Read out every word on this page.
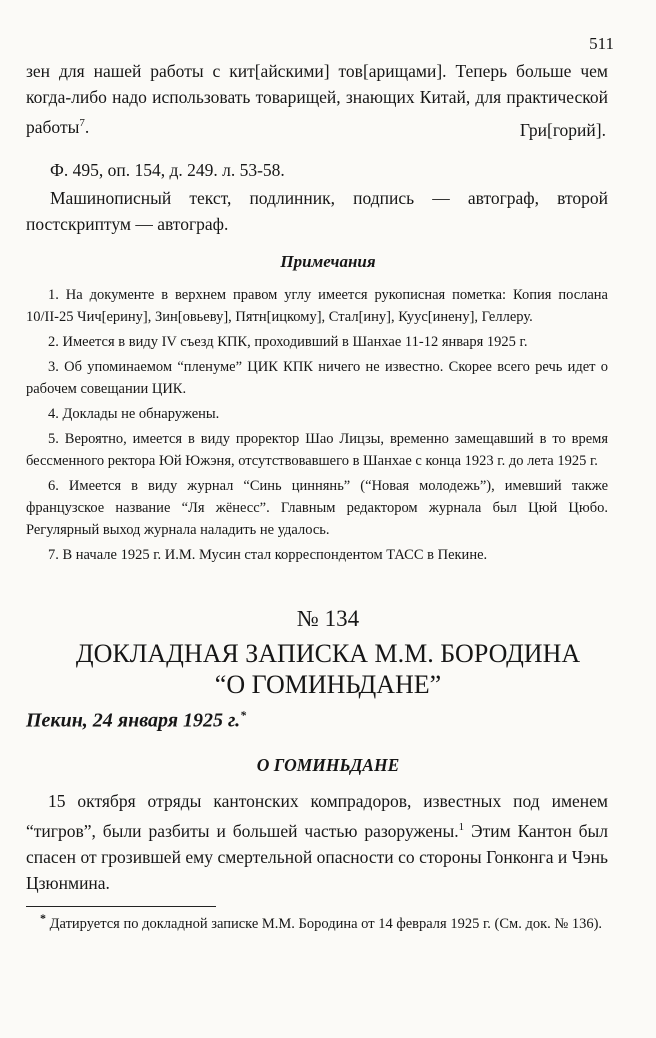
511
зен для нашей работы с кит[айскими] тов[арищами]. Теперь больше чем когда-либо надо использовать товарищей, знающих Китай, для практической работы$^7$.	Гри[горий].
Ф. 495, оп. 154, д. 249. л. 53-58.
Машинописный текст, подлинник, подпись — автограф, второй постскриптум — автограф.
Примечания
1. На документе в верхнем правом углу имеется рукописная пометка: Копия послана 10/II-25 Чич[ерину], Зин[овьеву], Пятн[ицкому], Стал[ину], Куус[инену], Геллеру.
2. Имеется в виду IV съезд КПК, проходивший в Шанхае 11-12 января 1925 г.
3. Об упоминаемом “пленуме” ЦИК КПК ничего не известно. Скорее всего речь идет о рабочем совещании ЦИК.
4. Доклады не обнаружены.
5. Вероятно, имеется в виду проректор Шао Лицзы, временно замещавший в то время бессменного ректора Юй Южэня, отсутствовавшего в Шанхае с конца 1923 г. до лета 1925 г.
6. Имеется в виду журнал “Синь циннянь” (“Новая молодежь”), имевший также французское название “Ля жёнесс”. Главным редактором журнала был Цюй Цюбо. Регулярный выход журнала наладить не удалось.
7. В начале 1925 г. И.М. Мусин стал корреспондентом ТАСС в Пекине.
№ 134
ДОКЛАДНАЯ ЗАПИСКА М.М. БОРОДИНА
“О ГОМИНЬДАНЕ”
Пекин, 24 января 1925 г.*
О ГОМИНЬДАНЕ
15 октября отряды кантонских компрадоров, известных под именем “тигров”, были разбиты и большей частью разоружены.$^1$ Этим Кантон был спасен от грозившей ему смертельной опасности со стороны Гонконга и Чэнь Цзюнмина.
* Датируется по докладной записке М.М. Бородина от 14 февраля 1925 г. (См. док. № 136).
